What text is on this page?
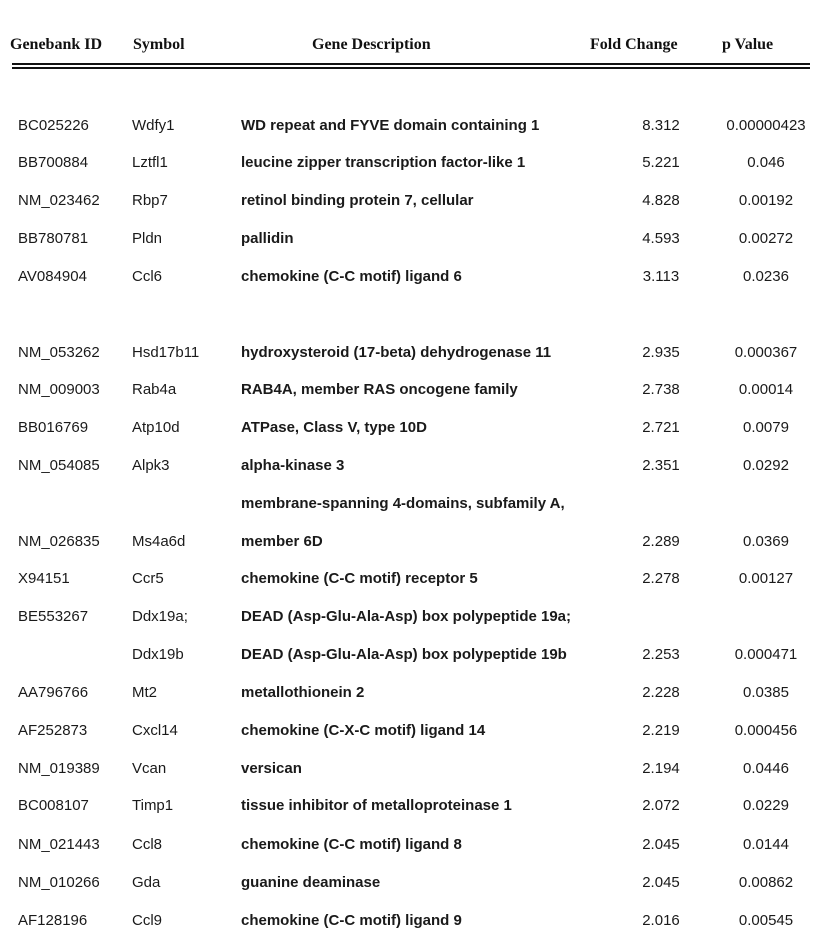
Genebank ID Symbol	Gene Description	Fold Change	p Value
BC025226	Wdfy1	WD repeat and FYVE domain containing 1	8.312	0.00000423
BB700884	Lztfl1	leucine zipper transcription factor-like 1	5.221	0.046
NM_023462 Rbp7	retinol binding protein 7, cellular	4.828	0.00192
BB780781	Pldn	pallidin	4.593	0.00272
AV084904	Ccl6	chemokine (C-C motif) ligand 6	3.113	0.0236
NM_053262 Hsd17b11	hydroxysteroid (17-beta) dehydrogenase 11	2.935	0.000367
NM_009003 Rab4a	RAB4A, member RAS oncogene family	2.738	0.00014
BB016769	Atp10d	ATPase, Class V, type 10D	2.721	0.0079
NM_054085 Alpk3	alpha-kinase 3	2.351	0.0292
membrane-spanning 4-domains, subfamily A,
NM_026835 Ms4a6d	member 6D	2.289	0.0369
X94151	Ccr5	chemokine (C-C motif) receptor 5	2.278	0.00127
BE553267	Ddx19a;	DEAD (Asp-Glu-Ala-Asp) box polypeptide 19a;
Ddx19b	DEAD (Asp-Glu-Ala-Asp) box polypeptide 19b	2.253	0.000471
AA796766	Mt2	metallothionein 2	2.228	0.0385
AF252873	Cxcl14	chemokine (C-X-C motif) ligand 14	2.219	0.000456
NM_019389 Vcan	versican	2.194	0.0446
BC008107	Timp1	tissue inhibitor of metalloproteinase 1	2.072	0.0229
NM_021443 Ccl8	chemokine (C-C motif) ligand 8	2.045	0.0144
NM_010266 Gda	guanine deaminase	2.045	0.00862
AF128196	Ccl9	chemokine (C-C motif) ligand 9	2.016	0.00545
